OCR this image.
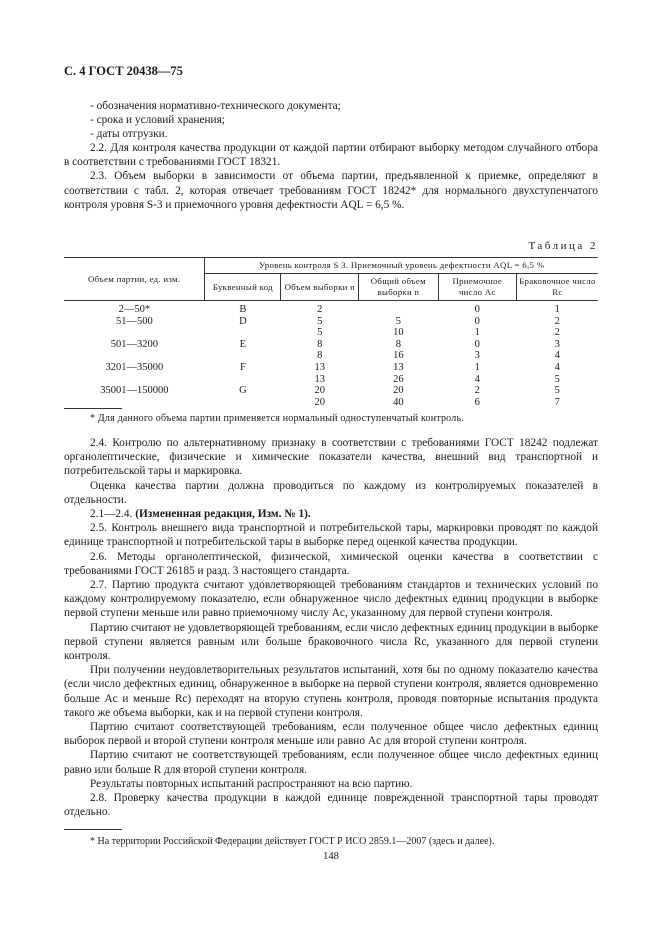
С. 4 ГОСТ 20438—75

- обозначения нормативно-технического документа;

- срока и условий хранения;

- даты отгрузки.

2.2. Для контроля качества продукции от каждой партии отбирают выборку методом случайного отбора в соответствии с требованиями ГОСТ 18321.

2.3. Объем выборки в зависимости от объема партии, предъявленной к приемке, определяют в соответствии с табл. 2, которая отвечает требованиям ГОСТ 18242* для нормального двухступенчатого контроля уровня S-3 и приемочного уровня дефектности AQL = 6,5 %.

Таблица 2
Объем партии, ед. изм.	Уровень контроля S 3. Приемочный уровень дефектности AQL = 6,5 %				
	Буквенный код	Объем выборки n	Общий объем выборки n	Приемочное число Aс	Браковочное число Rс
2—50*	B	2		0	1
51—500	D	5	5	0	2
		5	10	1	2
501—3200	E	8	8	0	3
		8	16	3	4
3201—35000	F	13	13	1	4
		13	26	4	5
35001—150000	G	20	20	2	5
		20	40	6	7

* Для данного объема партии применяется нормальный одноступенчатый контроль.

2.4. Контролю по альтернативному признаку в соответствии с требованиями ГОСТ 18242 подлежат органолептические, физические и химические показатели качества, внешний вид транспортной и потребительской тары и маркировка.

Оценка качества партии должна проводиться по каждому из контролируемых показателей в отдельности.

2.1—2.4. (Измененная редакция, Изм. № 1).

2.5. Контроль внешнего вида транспортной и потребительской тары, маркировки проводят по каждой единице транспортной и потребительской тары в выборке перед оценкой качества продукции.

2.6. Методы органолептической, физической, химической оценки качества в соответствии с требованиями ГОСТ 26185 и разд. 3 настоящего стандарта.

2.7. Партию продукта считают удовлетворяющей требованиям стандартов и технических условий по каждому контролируемому показателю, если обнаруженное число дефектных единиц продукции в выборке первой ступени меньше или равно приемочному числу Aс, указанному для первой ступени контроля.

Партию считают не удовлетворяющей требованиям, если число дефектных единиц продукции в выборке первой ступени является равным или больше браковочного числа Rс, указанного для первой ступени контроля.

При получении неудовлетворительных результатов испытаний, хотя бы по одному показателю качества (если число дефектных единиц, обнаруженное в выборке на первой ступени контроля, является одновременно больше Aс и меньше Rс) переходят на вторую ступень контроля, проводя повторные испытания продукта такого же объема выборки, как и на первой ступени контроля.

Партию считают соответствующей требованиям, если полученное общее число дефектных единиц выборок первой и второй ступени контроля меньше или равно Aс для второй ступени контроля.

Партию считают не соответствующей требованиям, если полученное общее число дефектных единиц равно или больше R для второй ступени контроля.

Результаты повторных испытаний распространяют на всю партию.

2.8. Проверку качества продукции в каждой единице поврежденной транспортной тары проводят отдельно.

* На территории Российской Федерации действует ГОСТ Р ИСО 2859.1—2007 (здесь и далее).
148
